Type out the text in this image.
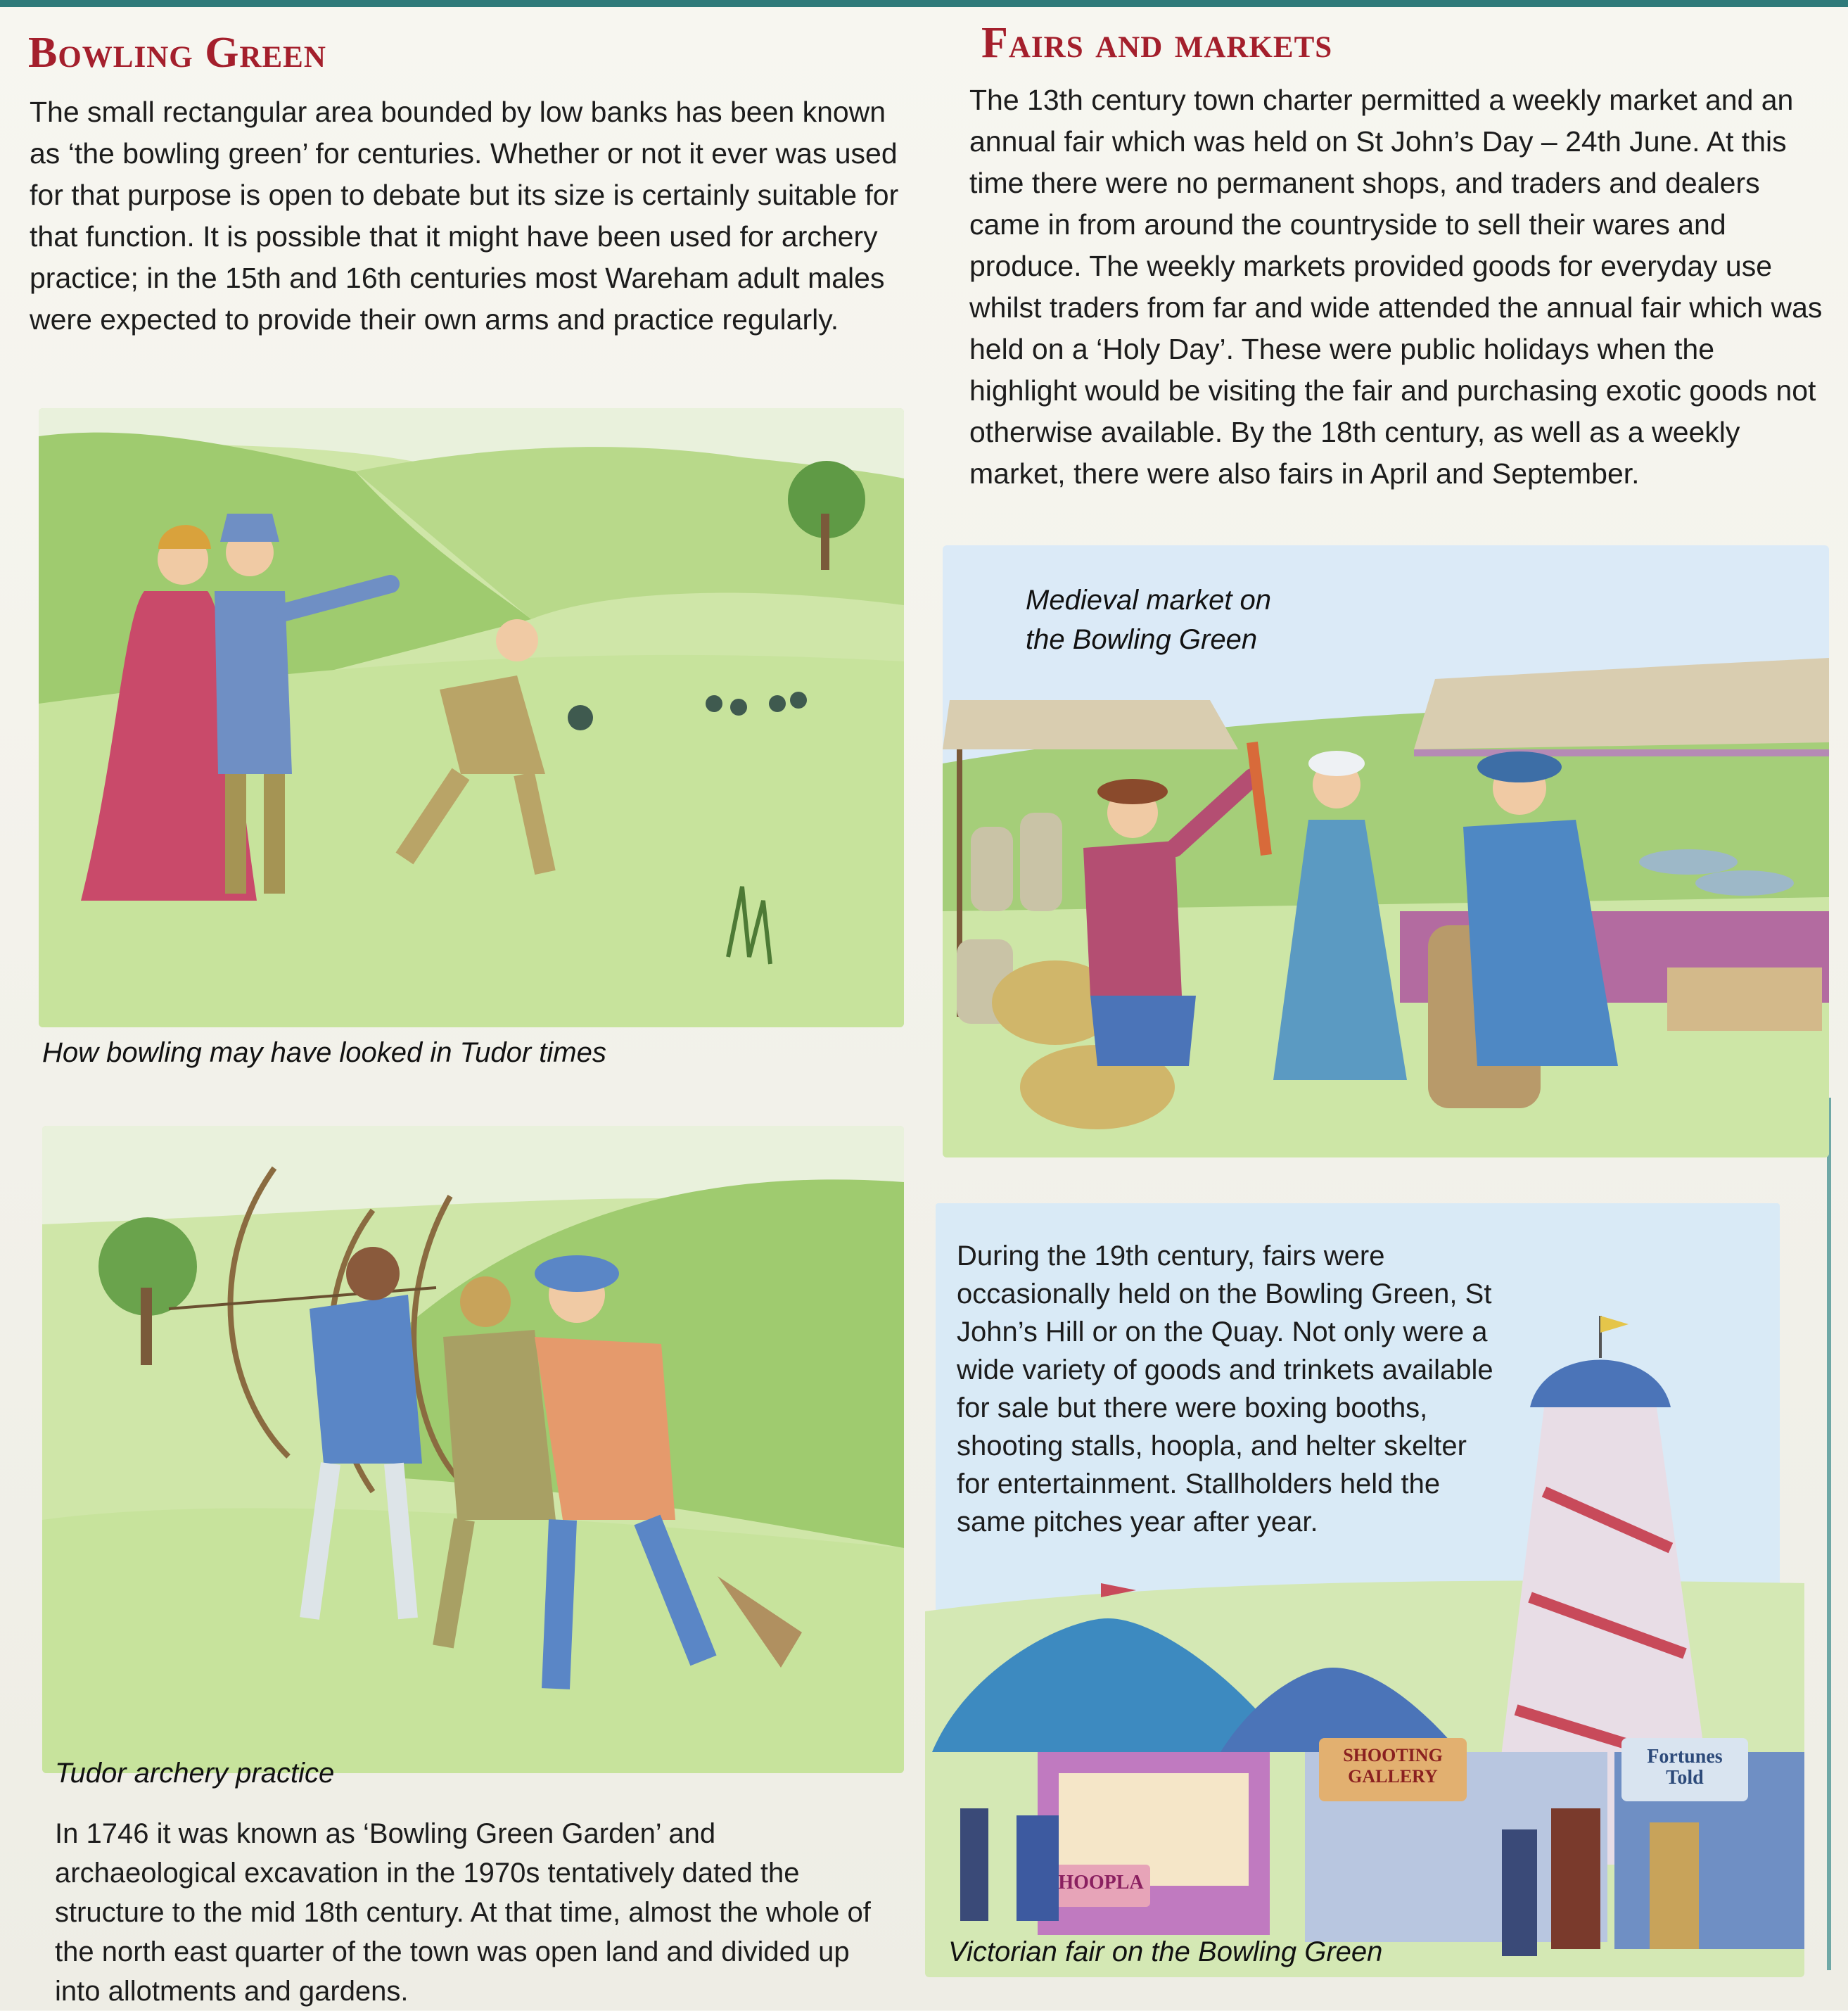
Bowling Green

The small rectangular area bounded by low banks has been known as ‘the bowling green’ for centuries. Whether or not it ever was used for that purpose is open to debate but its size is certainly suitable for that function. It is possible that it might have been used for archery practice; in the 15th and 16th centuries most Wareham adult males were expected to provide their own arms and practice regularly.

How bowling may have looked in Tudor times

Tudor archery practice

In 1746 it was known as ‘Bowling Green Garden’ and archaeological excavation in the 1970s tentatively dated the structure to the mid 18th century. At that time, almost the whole of the north east quarter of the town was open land and divided up into allotments and gardens.

Fairs and markets

The 13th century town charter permitted a weekly market and an annual fair which was held on St John’s Day – 24th June. At this time there were no permanent shops, and traders and dealers came in from around the countryside to sell their wares and produce. The weekly markets provided goods for everyday use whilst traders from far and wide attended the annual fair which was held on a ‘Holy Day’. These were public holidays when the highlight would be visiting the fair and purchasing exotic goods not otherwise available. By the 18th century, as well as a weekly market, there were also fairs in April and September.

Medieval market on
the Bowling Green

During the 19th century, fairs were occasionally held on the Bowling Green, St John’s Hill or on the Quay. Not only were a wide variety of goods and trinkets available for sale but there were boxing booths, shooting stalls, hoopla, and helter skelter for entertainment. Stallholders held the same pitches year after year.

SHOOTING
GALLERY
Fortunes
Told
HOOPLA

Victorian fair on the Bowling Green
